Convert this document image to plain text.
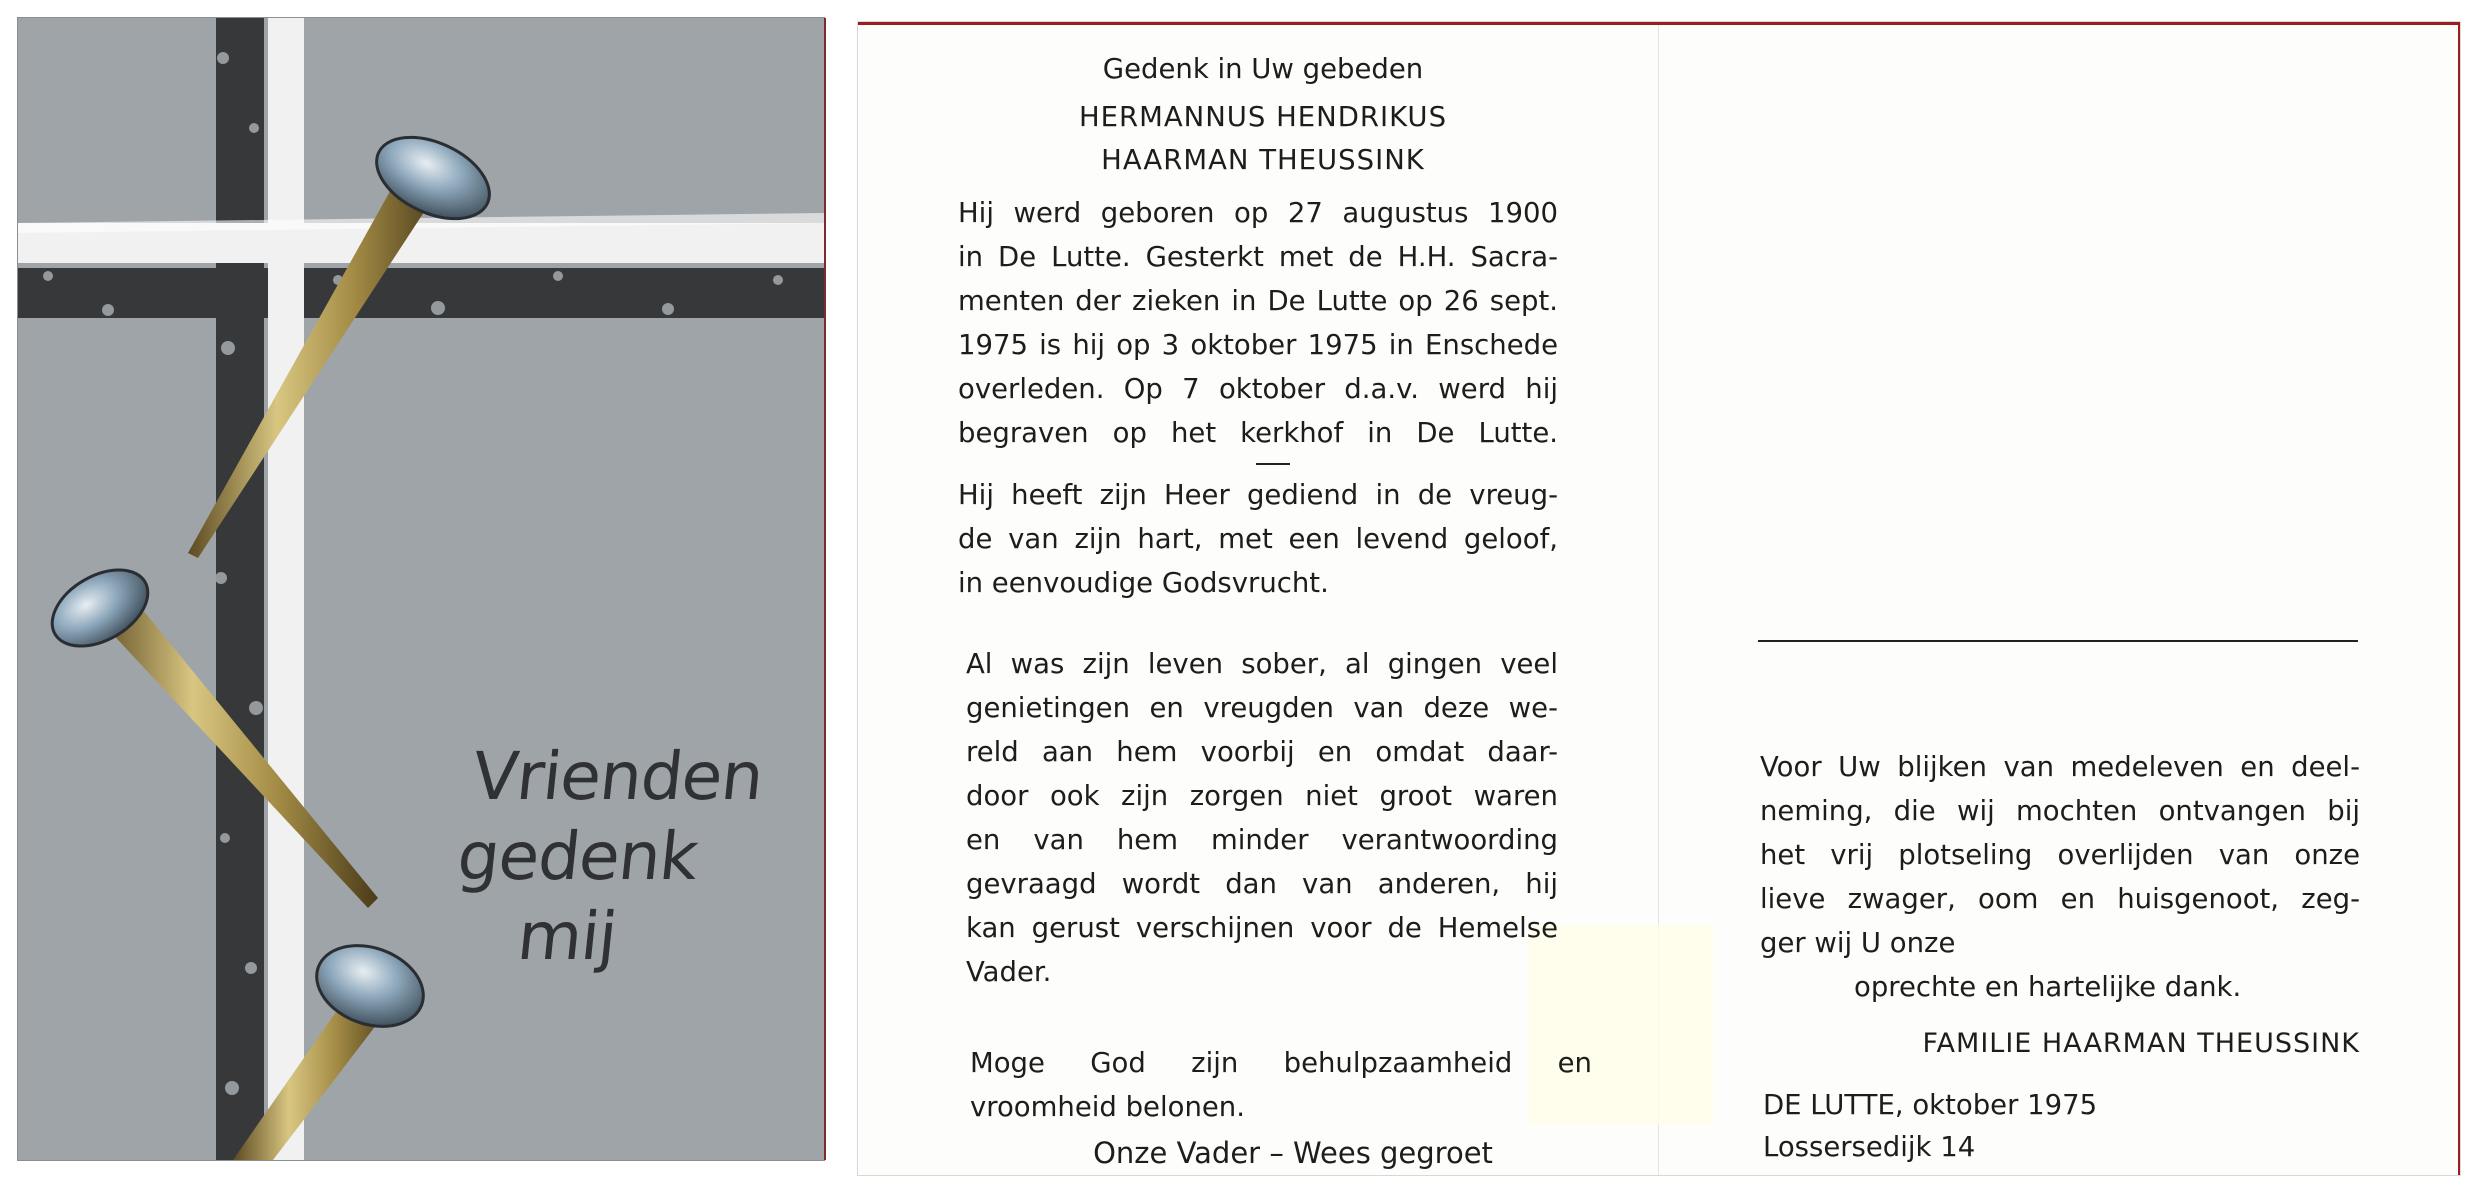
Vrienden
gedenk
mij
Gedenk in Uw gebeden
HERMANNUS HENDRIKUS
HAARMAN THEUSSINK
Hij werd geboren op 27 augustus 1900
in De Lutte. Gesterkt met de H.H. Sacra-
menten der zieken in De Lutte op 26 sept.
1975 is hij op 3 oktober 1975 in Enschede
overleden. Op 7 oktober d.a.v. werd hij
begraven op het kerkhof in De Lutte.
Hij heeft zijn Heer gediend in de vreug-
de van zijn hart, met een levend geloof,
in eenvoudige Godsvrucht.
Al was zijn leven sober, al gingen veel
genietingen en vreugden van deze we-
reld aan hem voorbij en omdat daar-
door ook zijn zorgen niet groot waren
en van hem minder verantwoording
gevraagd wordt dan van anderen, hij
kan gerust verschijnen voor de Hemelse
Vader.
Moge God zijn behulpzaamheid en
vroomheid belonen.
Onze Vader – Wees gegroet
Voor Uw blijken van medeleven en deel-
neming, die wij mochten ontvangen bij
het vrij plotseling overlijden van onze
lieve zwager, oom en huisgenoot, zeg-
ger wij U onze
oprechte en hartelijke dank.
FAMILIE HAARMAN THEUSSINK
DE LUTTE, oktober 1975
Lossersedijk 14
